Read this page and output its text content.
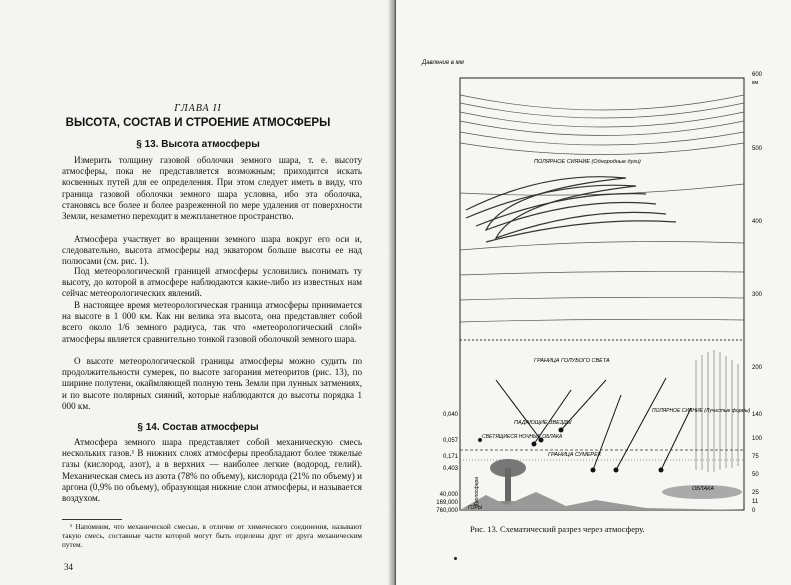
ГЛАВА II
ВЫСОТА, СОСТАВ И СТРОЕНИЕ АТМОСФЕРЫ
§ 13. Высота атмосферы
Измерить толщину газовой оболочки земного шара, т. е. высоту атмосферы, пока не представляется возможным; приходится искать косвенных путей для ее определения. При этом следует иметь в виду, что граница газовой оболочки земного шара условна, ибо эта оболочка, становясь все более и более разреженной по мере удаления от поверхности Земли, незаметно переходит в межпланетное пространство.
Атмосфера участвует во вращении земного шара вокруг его оси и, следовательно, высота атмосферы над экватором больше высоты ее над полюсами (см. рис. 1).
Под метеорологической границей атмосферы условились понимать ту высоту, до которой в атмосфере наблюдаются какие-либо из известных нам сейчас метеорологических явлений.
В настоящее время метеорологическая граница атмосферы принимается на высоте в 1 000 км. Как ни велика эта высота, она представляет собой всего около 1/6 земного радиуса, так что «метеорологический слой» атмосферы является сравнительно тонкой газовой оболочкой земного шара.
О высоте метеорологической границы атмосферы можно судить по продолжительности сумерек, по высоте загорания метеоритов (рис. 13), по ширине полутени, окаймляющей полную тень Земли при лунных затмениях, и по высоте полярных сияний, которые наблюдаются до высоты порядка 1 000 км.
§ 14. Состав атмосферы
Атмосфера земного шара представляет собой механическую смесь нескольких газов.¹ В нижних слоях атмосферы преобладают более тяжелые газы (кислород, азот), а в верхних — наиболее легкие (водород, гелий). Механическая смесь из азота (78% по объему), кислорода (21% по объему) и аргона (0,9% по объему), образующая нижние слои атмосферы, и называется воздухом.
¹ Напомним, что механической смесью, в отличие от химического соединения, называют такую смесь, составные части которой могут быть отделены друг от друга механическим путем.
34
Давление в мм
км
600
500
400
300
200
140
100
75
50
25
11
0
0,040
0,057
0,171
0,403
40,000
169,000
760,000
ПОЛЯРНОЕ СИЯНИЕ (Однородные дуги)
ГРАНИЦА ГОЛУБОГО СВЕТА
ПАДАЮЩИЕ ЗВЕЗДЫ
СВЕТЯЩИЕСЯ НОЧНЫЕ ОБЛАКА
ГРАНИЦА СУМЕРЕК
ПОЛЯРНОЕ СИЯНИЕ (Лучистые формы)
Тропосфера	ОБЛАКА
ГОРЫ
Рис. 13. Схематический разрез через атмосферу.
